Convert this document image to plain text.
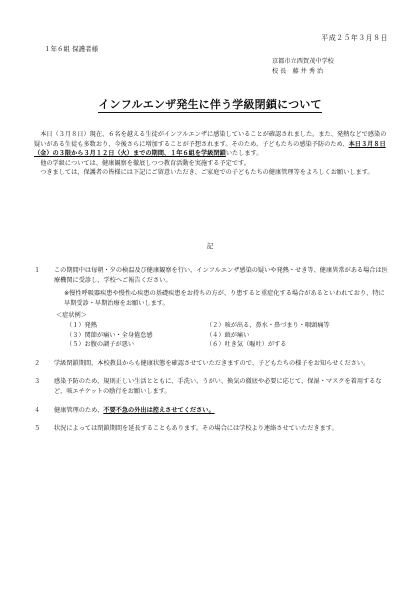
平成２５年３月８日
１年６組 保護者様
京都市立西賀茂中学校
校 長　藤 井 秀 治
インフルエンザ発生に伴う学級閉鎖について

本日（３月８日）現在、６名を越える生徒がインフルエンザに感染していることが確認されました。また、発熱などで感染の疑いがある生徒も多数おり、今後さらに増加することが予想されます。そのため、子どもたちの感染予防のため、本日３月８日（金）の３限から３月１２日（火）までの期間、１年６組を学級閉鎖いたします。

他の学級については、健康観察を徹底しつつ教育活動を実施する予定です。

つきましては、保護者の皆様には下記にご留意いただき、ご家庭での子どもたちの健康管理等をよろしくお願いします。

記
１	この期間中は毎朝・夕の検温及び健康観察を行い、インフルエンザ感染の疑いや発熱・せき等、健康異常がある場合は医療機関に受診し、学校へご報告ください。
※慢性呼吸器疾患や慢性心疾患の基礎疾患をお持ちの方が、り患すると重症化する場合があるといわれており、特に早期受診・早期治療をお願いします。
＜症状例＞
（１）発熱	（２）咳が出る、鼻水・鼻づまり・咽頭痛等
（３）関節が痛い・全身倦怠感	（４）頭が痛い
（５）お腹の調子が悪い	（６）吐き気（嘔吐）がする
２	学級閉鎖期間、本校教員からも健康状態を確認させていただきますので、子どもたちの様子をお知らせください。
３	感染予防のため、規則正しい生活とともに、手洗い、うがい、換気の徹底や必要に応じて、保湿・マスクを着用するなど、咳エチケットの励行をお願いします。
４	健康管理のため、不要不急の外出は控えさせてください。
５	状況によっては閉鎖期間を延長することもあります。その場合には学校より連絡させていただきます。
